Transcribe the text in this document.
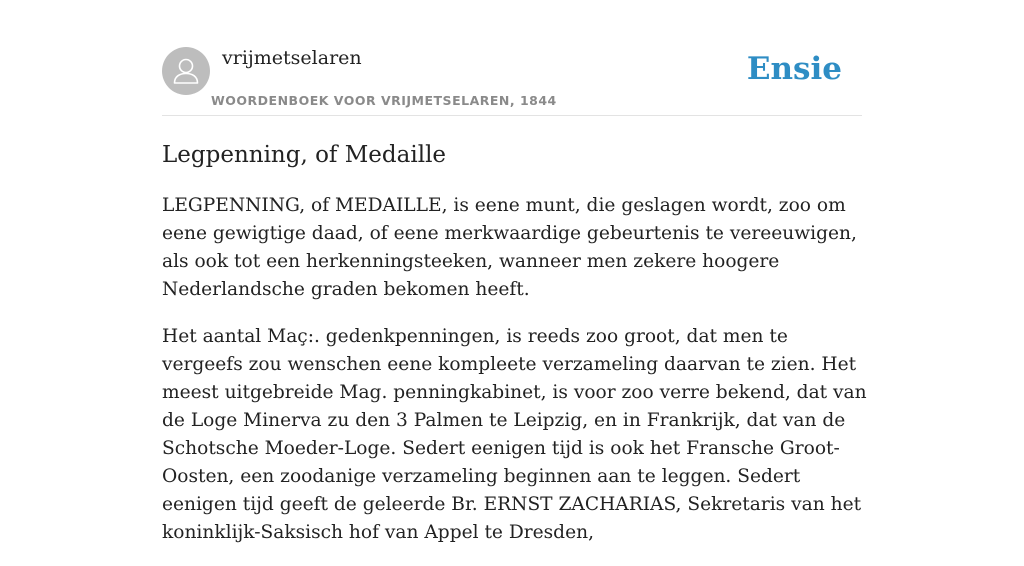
vrijmetselaren
WOORDENBOEK VOOR VRIJMETSELAREN, 1844
Ensie
Legpenning, of Medaille

LEGPENNING, of MEDAILLE, is eene munt, die geslagen wordt, zoo om eene gewigtige daad, of eene merkwaardige gebeurtenis te vereeuwigen, als ook tot een herkenningsteeken, wanneer men zekere hoogere Nederlandsche graden bekomen heeft.

Het aantal Maç:. gedenkpenningen, is reeds zoo groot, dat men te vergeefs zou wenschen eene kompleete verzameling daarvan te zien. Het meest uitgebreide Mag. penningkabinet, is voor zoo verre bekend, dat van de Loge Minerva zu den 3 Palmen te Leipzig, en in Frankrijk, dat van de Schotsche Moeder-Loge. Sedert eenigen tijd is ook het Fransche Groot-Oosten, een zoodanige verzameling beginnen aan te leggen. Sedert eenigen tijd geeft de geleerde Br. ERNST ZACHARIAS, Sekretaris van het koninklijk-Saksisch hof van Appel te Dresden,
